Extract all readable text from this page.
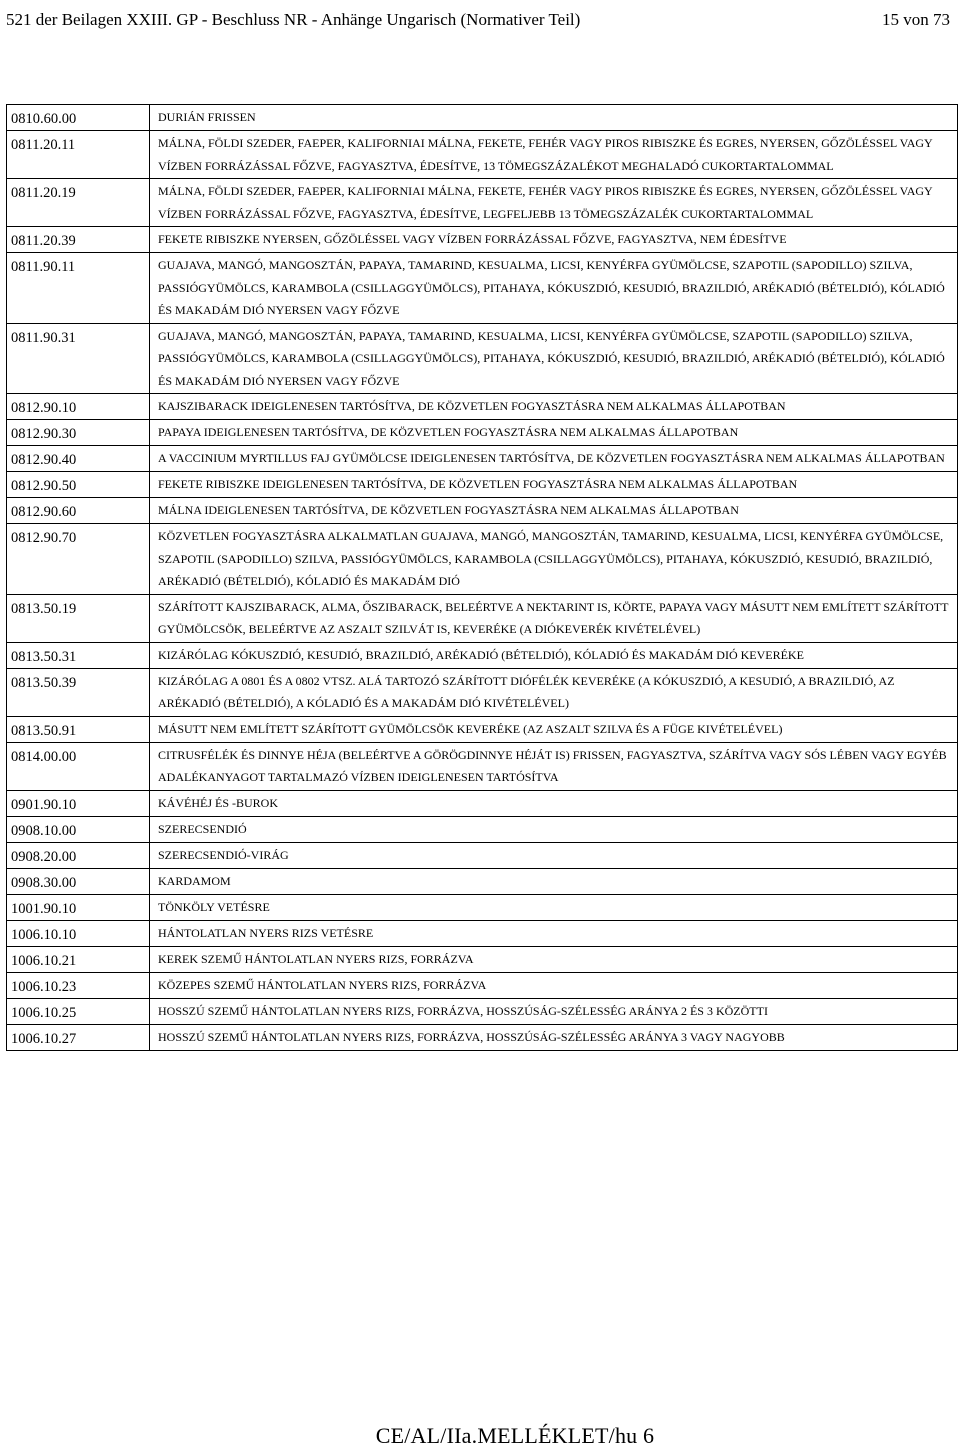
521 der Beilagen XXIII. GP - Beschluss NR - Anhänge Ungarisch (Normativer Teil)	15 von 73
0810.60.00	DURIÁN FRISSEN
0811.20.11	MÁLNA, FÖLDI SZEDER, FAEPER, KALIFORNIAI MÁLNA, FEKETE, FEHÉR VAGY PIROS RIBISZKE ÉS EGRES, NYERSEN, GŐZÖLÉSSEL VAGY VÍZBEN FORRÁZÁSSAL FŐZVE, FAGYASZTVA, ÉDESÍTVE, 13 TÖMEGSZÁZALÉKOT MEGHALADÓ CUKORTARTALOMMAL
0811.20.19	MÁLNA, FÖLDI SZEDER, FAEPER, KALIFORNIAI MÁLNA, FEKETE, FEHÉR VAGY PIROS RIBISZKE ÉS EGRES, NYERSEN, GŐZÖLÉSSEL VAGY VÍZBEN FORRÁZÁSSAL FŐZVE, FAGYASZTVA, ÉDESÍTVE, LEGFELJEBB 13 TÖMEGSZÁZALÉK CUKORTARTALOMMAL
0811.20.39	FEKETE RIBISZKE NYERSEN, GŐZÖLÉSSEL VAGY VÍZBEN FORRÁZÁSSAL FŐZVE, FAGYASZTVA, NEM ÉDESÍTVE
0811.90.11	GUAJAVA, MANGÓ, MANGOSZTÁN, PAPAYA, TAMARIND, KESUALMA, LICSI, KENYÉRFA GYÜMÖLCSE, SZAPOTIL (SAPODILLO) SZILVA, PASSIÓGYÜMÖLCS, KARAMBOLA (CSILLAGGYÜMÖLCS), PITAHAYA, KÓKUSZDIÓ, KESUDIÓ, BRAZILDIÓ, ARÉKADIÓ (BÉTELDIÓ), KÓLADIÓ ÉS MAKADÁM DIÓ NYERSEN VAGY FŐZVE
0811.90.31	GUAJAVA, MANGÓ, MANGOSZTÁN, PAPAYA, TAMARIND, KESUALMA, LICSI, KENYÉRFA GYÜMÖLCSE, SZAPOTIL (SAPODILLO) SZILVA, PASSIÓGYÜMÖLCS, KARAMBOLA (CSILLAGGYÜMÖLCS), PITAHAYA, KÓKUSZDIÓ, KESUDIÓ, BRAZILDIÓ, ARÉKADIÓ (BÉTELDIÓ), KÓLADIÓ ÉS MAKADÁM DIÓ NYERSEN VAGY FŐZVE
0812.90.10	KAJSZIBARACK IDEIGLENESEN TARTÓSÍTVA, DE KÖZVETLEN FOGYASZTÁSRA NEM ALKALMAS ÁLLAPOTBAN
0812.90.30	PAPAYA IDEIGLENESEN TARTÓSÍTVA, DE KÖZVETLEN FOGYASZTÁSRA NEM ALKALMAS ÁLLAPOTBAN
0812.90.40	A VACCINIUM MYRTILLUS FAJ GYÜMÖLCSE IDEIGLENESEN TARTÓSÍTVA, DE KÖZVETLEN FOGYASZTÁSRA NEM ALKALMAS ÁLLAPOTBAN
0812.90.50	FEKETE RIBISZKE IDEIGLENESEN TARTÓSÍTVA, DE KÖZVETLEN FOGYASZTÁSRA NEM ALKALMAS ÁLLAPOTBAN
0812.90.60	MÁLNA IDEIGLENESEN TARTÓSÍTVA, DE KÖZVETLEN FOGYASZTÁSRA NEM ALKALMAS ÁLLAPOTBAN
0812.90.70	KÖZVETLEN FOGYASZTÁSRA ALKALMATLAN GUAJAVA, MANGÓ, MANGOSZTÁN, TAMARIND, KESUALMA, LICSI, KENYÉRFA GYÜMÖLCSE, SZAPOTIL (SAPODILLO) SZILVA, PASSIÓGYÜMÖLCS, KARAMBOLA (CSILLAGGYÜMÖLCS), PITAHAYA, KÓKUSZDIÓ, KESUDIÓ, BRAZILDIÓ, ARÉKADIÓ (BÉTELDIÓ), KÓLADIÓ ÉS MAKADÁM DIÓ
0813.50.19	SZÁRÍTOTT KAJSZIBARACK, ALMA, ŐSZIBARACK, BELEÉRTVE A NEKTARINT IS, KÖRTE, PAPAYA VAGY MÁSUTT NEM EMLÍTETT SZÁRÍTOTT GYÜMÖLCSÖK, BELEÉRTVE AZ ASZALT SZILVÁT IS, KEVERÉKE (A DIÓKEVERÉK KIVÉTELÉVEL)
0813.50.31	KIZÁRÓLAG KÓKUSZDIÓ, KESUDIÓ, BRAZILDIÓ, ARÉKADIÓ (BÉTELDIÓ), KÓLADIÓ ÉS MAKADÁM DIÓ KEVERÉKE
0813.50.39	KIZÁRÓLAG A 0801 ÉS A 0802 VTSZ. ALÁ TARTOZÓ SZÁRÍTOTT DIÓFÉLÉK KEVERÉKE (A KÓKUSZDIÓ, A KESUDIÓ, A BRAZILDIÓ, AZ ARÉKADIÓ (BÉTELDIÓ), A KÓLADIÓ ÉS A MAKADÁM DIÓ KIVÉTELÉVEL)
0813.50.91	MÁSUTT NEM EMLÍTETT SZÁRÍTOTT GYÜMÖLCSÖK KEVERÉKE (AZ ASZALT SZILVA ÉS A FÜGE KIVÉTELÉVEL)
0814.00.00	CITRUSFÉLÉK ÉS DINNYE HÉJA (BELEÉRTVE A GÖRÖGDINNYE HÉJÁT IS) FRISSEN, FAGYASZTVA, SZÁRÍTVA VAGY SÓS LÉBEN VAGY EGYÉB ADALÉKANYAGOT TARTALMAZÓ VÍZBEN IDEIGLENESEN TARTÓSÍTVA
0901.90.10	KÁVÉHÉJ ÉS -BUROK
0908.10.00	SZERECSENDIÓ
0908.20.00	SZERECSENDIÓ-VIRÁG
0908.30.00	KARDAMOM
1001.90.10	TÖNKÖLY VETÉSRE
1006.10.10	HÁNTOLATLAN NYERS RIZS VETÉSRE
1006.10.21	KEREK SZEMŰ HÁNTOLATLAN NYERS RIZS, FORRÁZVA
1006.10.23	KÖZEPES SZEMŰ HÁNTOLATLAN NYERS RIZS, FORRÁZVA
1006.10.25	HOSSZÚ SZEMŰ HÁNTOLATLAN NYERS RIZS, FORRÁZVA, HOSSZÚSÁG-SZÉLESSÉG ARÁNYA 2 ÉS 3 KÖZÖTTI
1006.10.27	HOSSZÚ SZEMŰ HÁNTOLATLAN NYERS RIZS, FORRÁZVA, HOSSZÚSÁG-SZÉLESSÉG ARÁNYA 3 VAGY NAGYOBB
CE/AL/IIa.MELLÉKLET/hu 6
